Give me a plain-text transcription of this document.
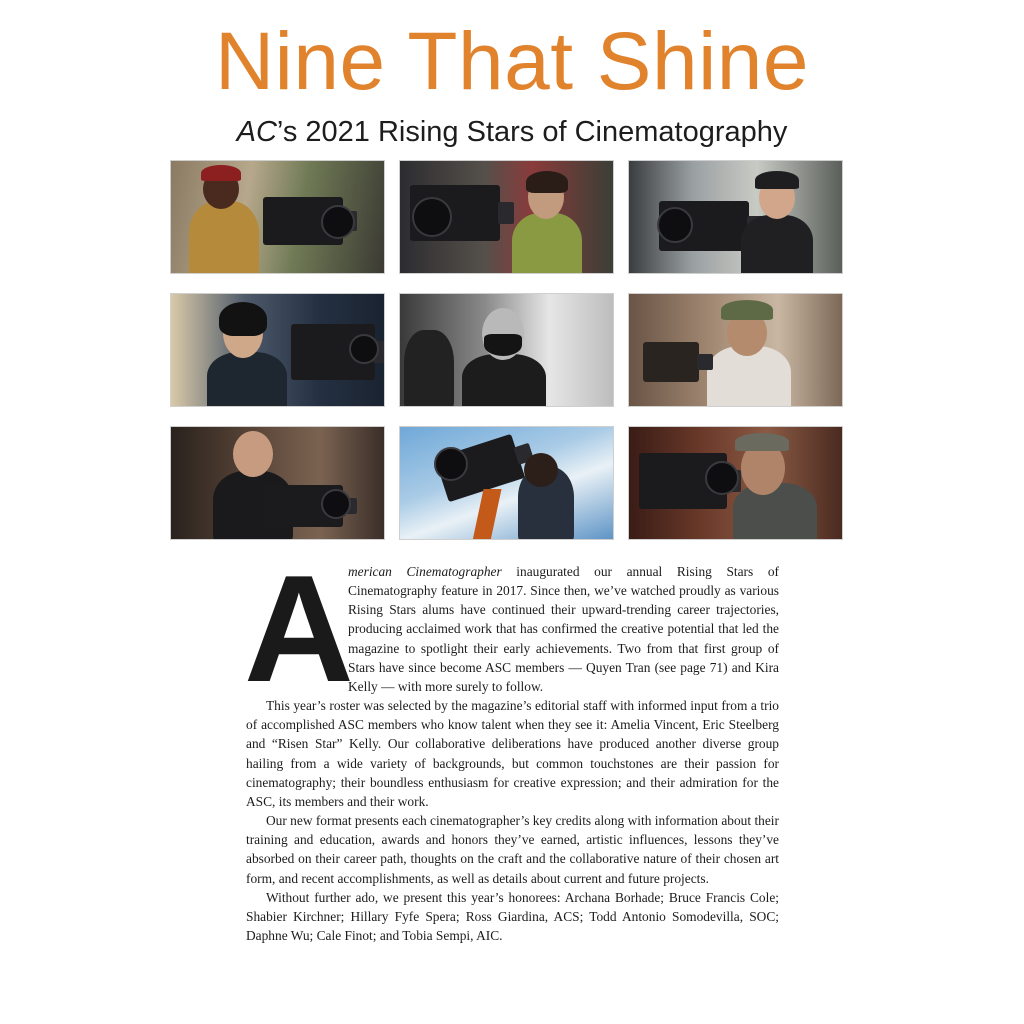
Nine That Shine
AC’s 2021 Rising Stars of Cinematography
A

merican Cinematographer inaugurated our annual Rising Stars of Cinematography feature in 2017. Since then, we’ve watched proudly as various Rising Stars alums have continued their upward-trending career trajectories, producing acclaimed work that has confirmed the creative potential that led the magazine to spotlight their early achievements. Two from that first group of Stars have since become ASC members — Quyen Tran (see page 71) and Kira Kelly — with more surely to follow.

This year’s roster was selected by the magazine’s editorial staff with informed input from a trio of accomplished ASC members who know talent when they see it: Amelia Vincent, Eric Steelberg and “Risen Star” Kelly. Our collaborative deliberations have produced another diverse group hailing from a wide variety of backgrounds, but common touchstones are their passion for cinematography; their boundless enthusiasm for creative expression; and their admiration for the ASC, its members and their work.

Our new format presents each cinematographer’s key credits along with information about their training and education, awards and honors they’ve earned, artistic influences, lessons they’ve absorbed on their career path, thoughts on the craft and the collaborative nature of their chosen art form, and recent accomplishments, as well as details about current and future projects.

Without further ado, we present this year’s honorees: Archana Borhade; Bruce Francis Cole; Shabier Kirchner; Hillary Fyfe Spera; Ross Giardina, ACS; Todd Antonio Somodevilla, SOC; Daphne Wu; Cale Finot; and Tobia Sempi, AIC.
